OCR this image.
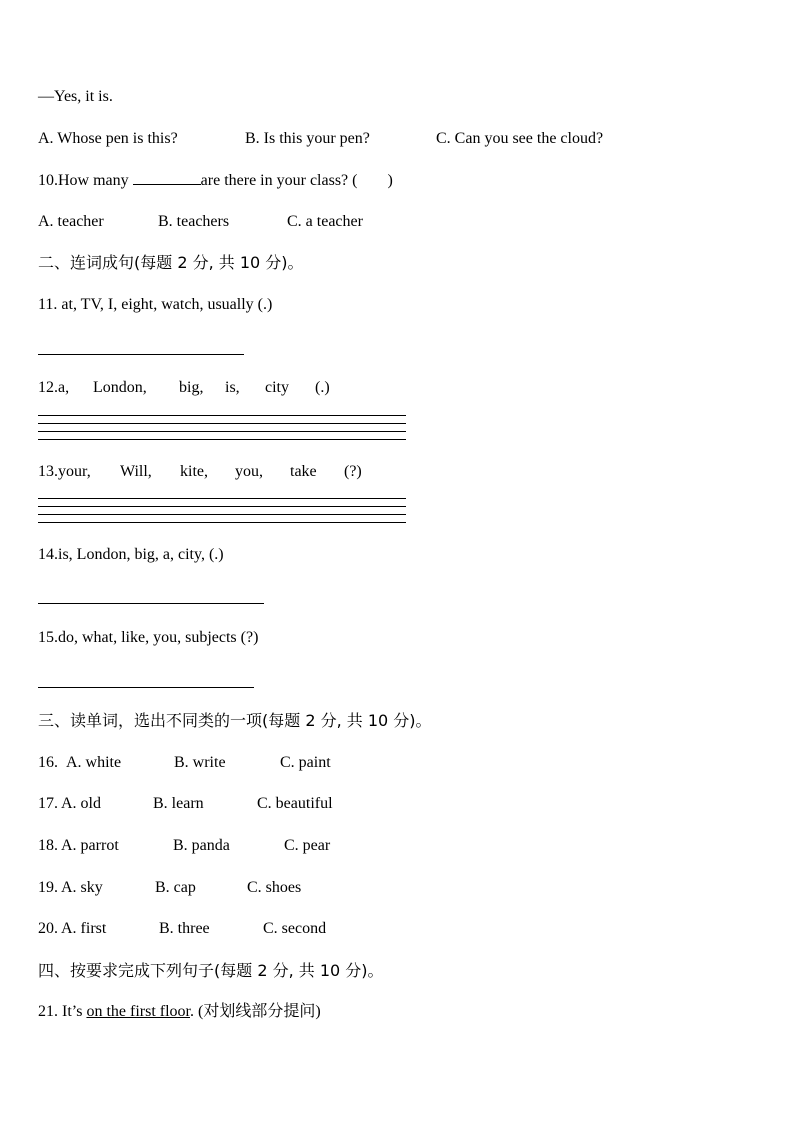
—Yes, it is.
A. Whose pen is this?	B. Is this your pen?	C. Can you see the cloud?
10.How many	are there in your class? ( )
A. teacher	B. teachers	C. a teacher
二、连词成句(每题 2 分, 共 10 分)。
11. at, TV, I, eight, watch, usually (.)
12.a, London, big, is, city (.)
13.your, Will, kite, you, take (?)
14.is, London, big, a, city, (.)
15.do, what, like, you, subjects (?)
三、读单词，选出不同类的一项(每题 2 分, 共 10 分)。
16. A. white	B. write	C. paint
17. A. old	B. learn	C. beautiful
18. A. parrot	B. panda	C. pear
19. A. sky	B. cap	C. shoes
20. A. first	B. three	C. second
四、按要求完成下列句子(每题 2 分, 共 10 分)。
21. It’s on the first floor. (对划线部分提问)
